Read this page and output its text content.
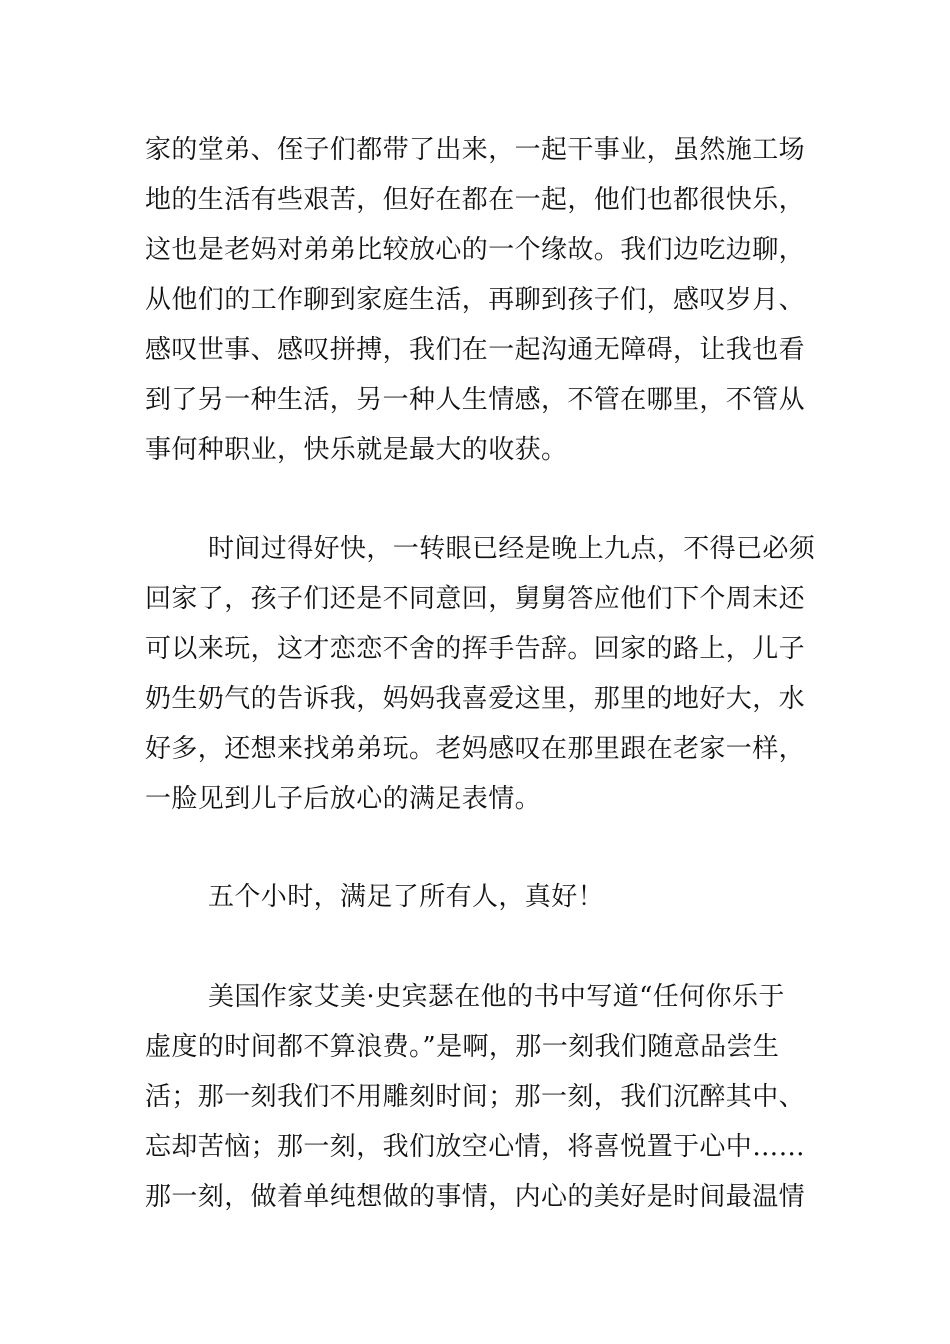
家的堂弟、侄子们都带了出来，一起干事业，虽然施工场
地的生活有些艰苦，但好在都在一起，他们也都很快乐，
这也是老妈对弟弟比较放心的一个缘故。我们边吃边聊，
从他们的工作聊到家庭生活，再聊到孩子们，感叹岁月、
感叹世事、感叹拼搏，我们在一起沟通无障碍，让我也看
到了另一种生活，另一种人生情感，不管在哪里，不管从
事何种职业，快乐就是最大的收获。
时间过得好快，一转眼已经是晚上九点，不得已必须
回家了，孩子们还是不同意回，舅舅答应他们下个周末还
可以来玩，这才恋恋不舍的挥手告辞。回家的路上，儿子
奶生奶气的告诉我，妈妈我喜爱这里，那里的地好大，水
好多，还想来找弟弟玩。老妈感叹在那里跟在老家一样，
一脸见到儿子后放心的满足表情。
五个小时，满足了所有人，真好！
美国作家艾美·史宾瑟在他的书中写道“任何你乐于
虚度的时间都不算浪费。”是啊，那一刻我们随意品尝生
活；那一刻我们不用雕刻时间；那一刻，我们沉醉其中、
忘却苦恼；那一刻，我们放空心情，将喜悦置于心中……
那一刻，做着单纯想做的事情，内心的美好是时间最温情
